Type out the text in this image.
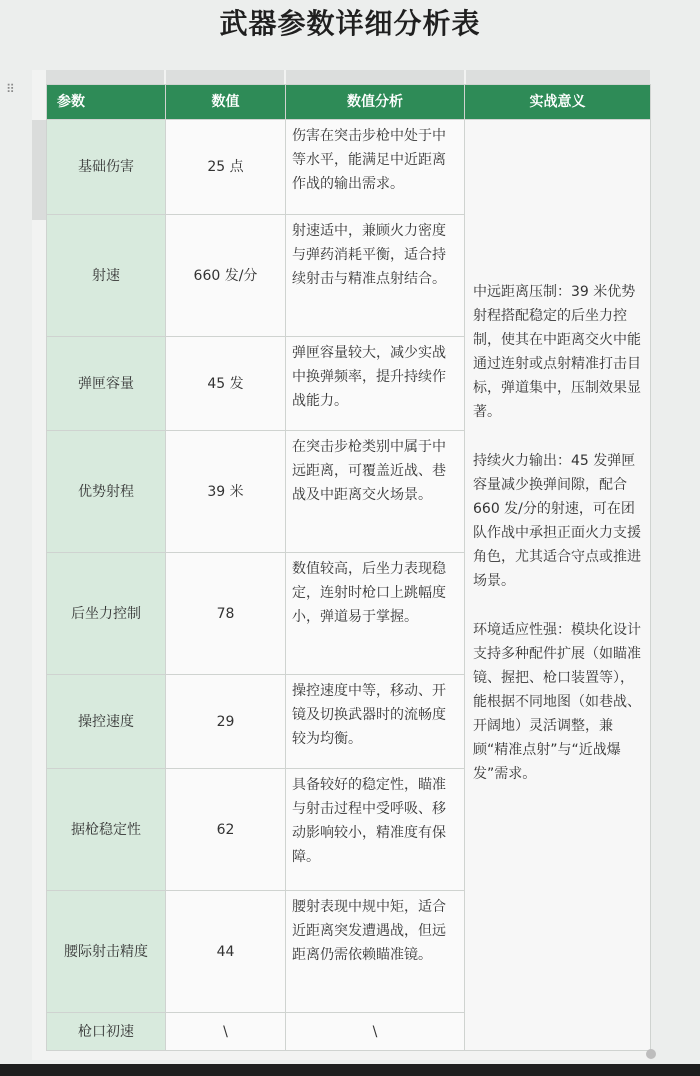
武器参数详细分析表
⠿
参数	数值	数值分析	实战意义
基础伤害	25 点	伤害在突击步枪中处于中等水平，能满足中近距离作战的输出需求。	中远距离压制：39 米优势射程搭配稳定的后坐力控制，使其在中距离交火中能通过连射或点射精准打击目标，弹道集中，压制效果显著。

持续火力输出：45 发弹匣容量减少换弹间隙，配合 660 发/分的射速，可在团队作战中承担正面火力支援角色，尤其适合守点或推进场景。

环境适应性强：模块化设计支持多种配件扩展（如瞄准镜、握把、枪口装置等），能根据不同地图（如巷战、开阔地）灵活调整，兼顾“精准点射”与“近战爆发”需求。

射速	660 发/分	射速适中，兼顾火力密度与弹药消耗平衡，适合持续射击与精准点射结合。	
弹匣容量	45 发	弹匣容量较大，减少实战中换弹频率，提升持续作战能力。	
优势射程	39 米	在突击步枪类别中属于中远距离，可覆盖近战、巷战及中距离交火场景。	
后坐力控制	78	数值较高，后坐力表现稳定，连射时枪口上跳幅度小，弹道易于掌握。	
操控速度	29	操控速度中等，移动、开镜及切换武器时的流畅度较为均衡。	
据枪稳定性	62	具备较好的稳定性，瞄准与射击过程中受呼吸、移动影响较小，精准度有保障。	
腰际射击精度	44	腰射表现中规中矩，适合近距离突发遭遇战，但远距离仍需依赖瞄准镜。	
枪口初速	\	\	
